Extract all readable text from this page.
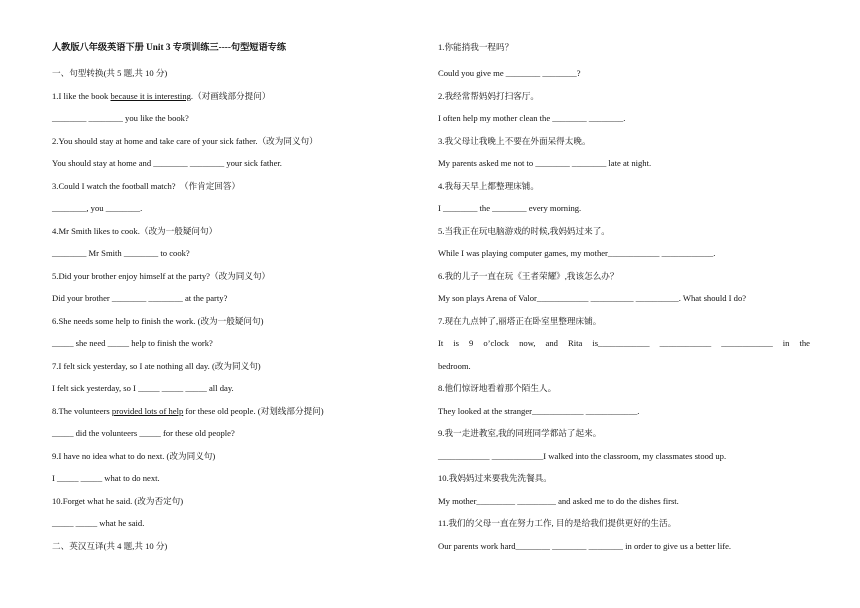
人教版八年级英语下册 Unit 3 专项训练三----句型短语专练
一、句型转换(共 5 题,共 10 分)
1.I like the book because it is interesting.（对画线部分提问）
________ ________ you like the book?
2.You should stay at home and take care of your sick father.（改为同义句）
You should stay at home and ________ ________ your sick father.
3.Could I watch the football match?　（作肯定回答）
________, you ________.
4.Mr Smith likes to cook.（改为一般疑问句）
________ Mr Smith ________ to cook?
5.Did your brother enjoy himself at the party?（改为同义句）
Did your brother ________ ________ at the party?
6.She needs some help to finish the work. (改为一般疑问句)
_____ she need _____ help to finish the work?
7.I felt sick yesterday, so I ate nothing all day. (改为同义句)
I felt sick yesterday, so I _____ _____ _____ all day.
8.The volunteers provided lots of help for these old people. (对划线部分提问)
_____ did the volunteers _____ for these old people?
9.I have no idea what to do next. (改为同义句)
I _____ _____ what to do next.
10.Forget what he said. (改为否定句)
_____ _____ what he said.
二、英汉互译(共 4 题,共 10 分)
1.你能捎我一程吗？
Could you give me ________ ________?
2.我经常帮妈妈打扫客厅。
I often help my mother clean the ________ ________.
3.我父母让我晚上不要在外面呆得太晚。
My parents asked me not to ________ ________ late at night.
4.我每天早上都整理床铺。
I ________ the ________ every morning.
5.当我正在玩电脑游戏的时候,我妈妈过来了。
While I was playing computer games, my mother____________ ____________.
6.我的儿子一直在玩《王者荣耀》,我该怎么办？
My son plays Arena of Valor____________ __________ __________. What should I do?
7.现在九点钟了,丽塔正在卧室里整理床铺。
It is 9 o’clock now, and Rita is____________ ____________ ____________ in the
bedroom.
8.他们惊讶地看着那个陌生人。
They looked at the stranger____________ ____________.
9.我一走进教室,我的同班同学都站了起来。
____________ ____________I walked into the classroom, my classmates stood up.
10.我妈妈过来要我先洗餐具。
My mother_________ _________ and asked me to do the dishes first.
11.我们的父母一直在努力工作, 目的是给我们提供更好的生活。
Our parents work hard________ ________ ________ in order to give us a better life.
